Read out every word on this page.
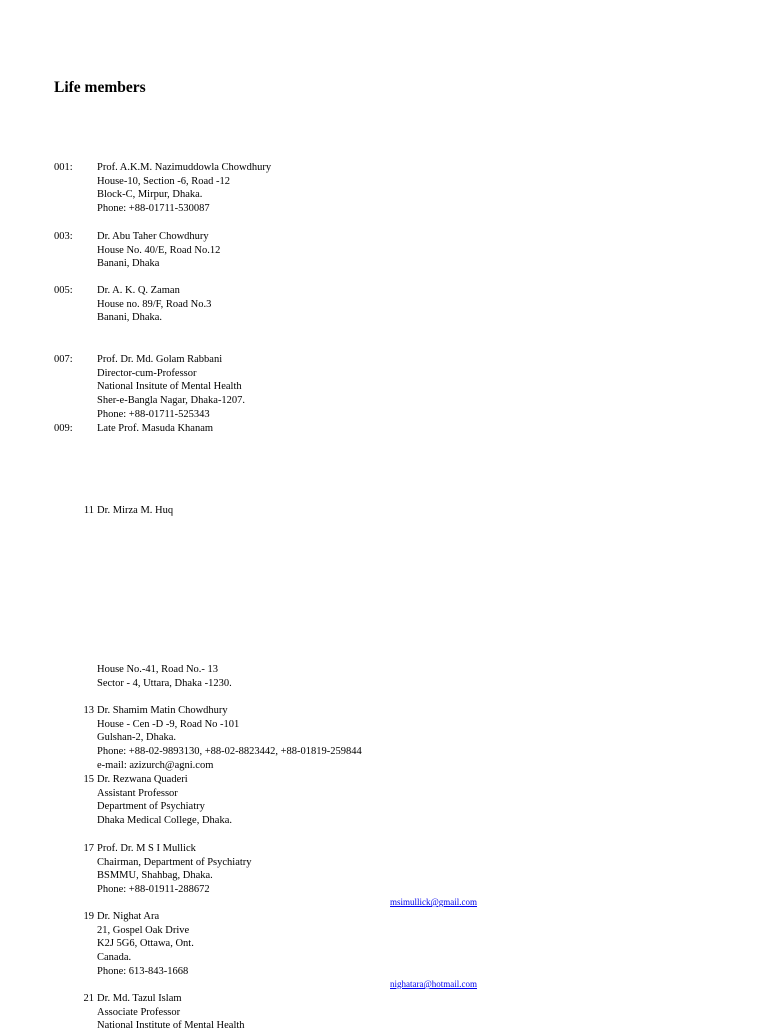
Life members
001: Prof. A.K.M. Nazimuddowla Chowdhury
House-10, Section -6, Road -12
Block-C, Mirpur, Dhaka.
Phone: +88-01711-530087
003: Dr. Abu Taher Chowdhury
House No. 40/E, Road No.12
Banani, Dhaka
005: Dr. A. K. Q. Zaman
House no. 89/F, Road No.3
Banani, Dhaka.
007: Prof. Dr. Md. Golam Rabbani
Director-cum-Professor
National Insitute of Mental Health
Sher-e-Bangla Nagar, Dhaka-1207.
Phone: +88-01711-525343
009: Late Prof. Masuda Khanam
11 Dr. Mirza M. Huq
House No.-41, Road No.- 13
Sector - 4, Uttara, Dhaka -1230.
13 Dr. Shamim Matin Chowdhury
House - Cen -D -9, Road No -101
Gulshan-2, Dhaka.
Phone: +88-02-9893130, +88-02-8823442, +88-01819-259844
e-mail: azizurch@agni.com
15 Dr. Rezwana Quaderi
Assistant Professor
Department of Psychiatry
Dhaka Medical College, Dhaka.
17 Prof. Dr. M S I Mullick
Chairman, Department of Psychiatry
BSMMU, Shahbag, Dhaka.
Phone: +88-01911-288672
msimullick@gmail.com
19 Dr. Nighat Ara
21, Gospel Oak Drive
K2J 5G6, Ottawa, Ont.
Canada.
Phone: 613-843-1668
nighatara@hotmail.com
21 Dr. Md. Tazul Islam
Associate Professor
National Institute of Mental Health
